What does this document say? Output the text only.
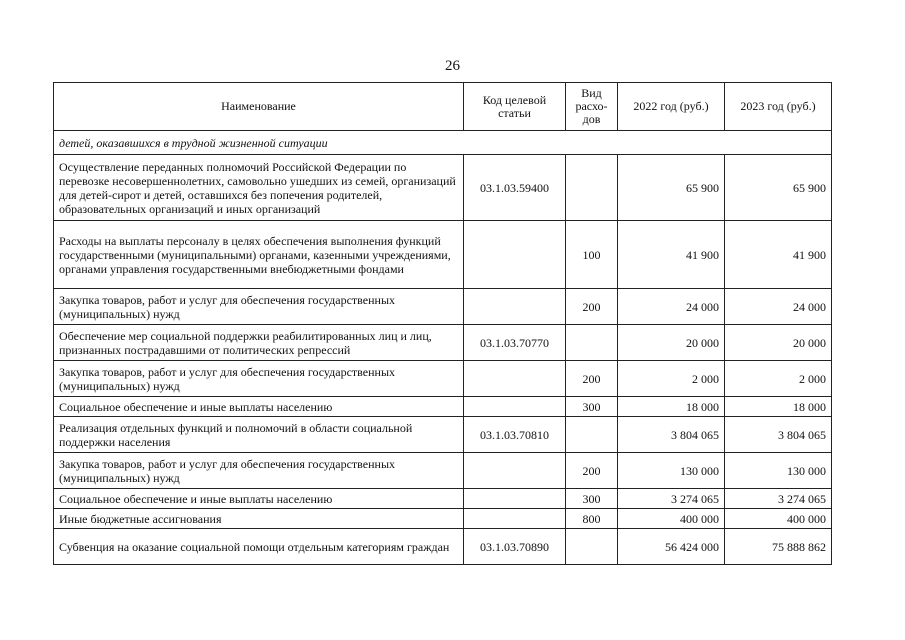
26
Наименование	Код целевой статьи	Вид расхо-дов	2022 год (руб.)	2023 год (руб.)
детей, оказавшихся в трудной жизненной ситуации				
Осуществление переданных полномочий Российской Федерации по перевозке несовершеннолетних, самовольно ушедших из семей, организаций для детей-сирот и детей, оставшихся без попечения родителей, образовательных организаций и иных организаций	03.1.03.59400		65 900	65 900
Расходы на выплаты персоналу в целях обеспечения выполнения функций государственными (муниципальными) органами, казенными учреждениями, органами управления государственными внебюджетными фондами		100	41 900	41 900
Закупка товаров, работ и услуг для обеспечения государственных (муниципальных) нужд		200	24 000	24 000
Обеспечение мер социальной поддержки реабилитированных лиц и лиц, признанных пострадавшими от политических репрессий	03.1.03.70770		20 000	20 000
Закупка товаров, работ и услуг для обеспечения государственных (муниципальных) нужд		200	2 000	2 000
Социальное обеспечение и иные выплаты населению		300	18 000	18 000
Реализация отдельных функций и полномочий в области социальной поддержки населения	03.1.03.70810		3 804 065	3 804 065
Закупка товаров, работ и услуг для обеспечения государственных (муниципальных) нужд		200	130 000	130 000
Социальное обеспечение и иные выплаты населению		300	3 274 065	3 274 065
Иные бюджетные ассигнования		800	400 000	400 000
Субвенция на оказание социальной помощи отдельным категориям граждан	03.1.03.70890		56 424 000	75 888 862
